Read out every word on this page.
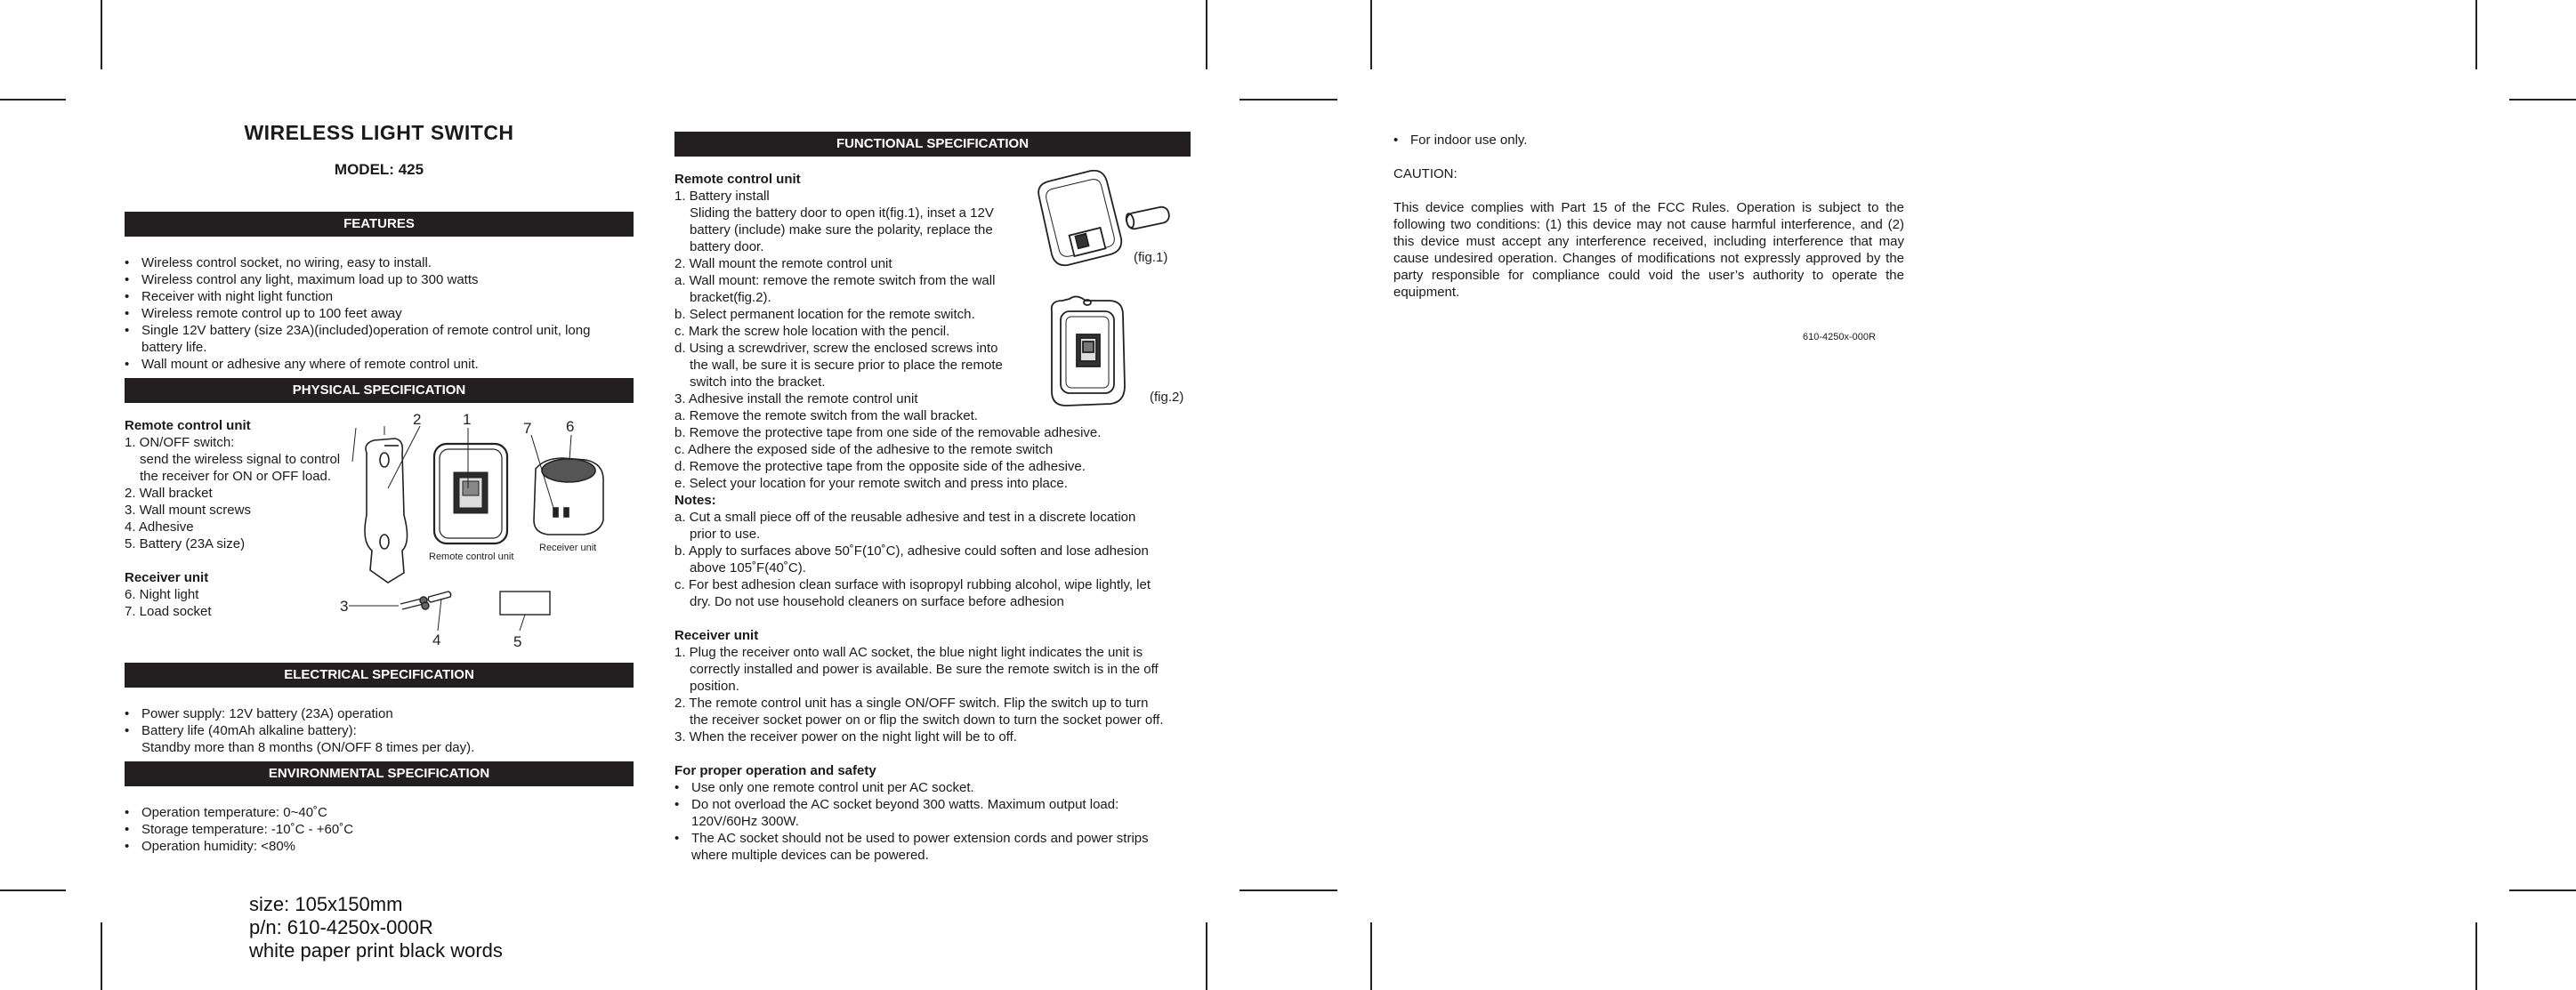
WIRELESS LIGHT SWITCH
MODEL: 425
FEATURES
• Wireless control socket, no wiring, easy to install.
• Wireless control any light, maximum load up to 300 watts
• Receiver with night light function
• Wireless remote control up to 100 feet away
• Single 12V battery (size 23A)(included)operation of remote control unit, long battery life.
• Wall mount or adhesive any where of remote control unit.
PHYSICAL SPECIFICATION
Remote control unit
1. ON/OFF switch:
send the wireless signal to control
the receiver for ON or OFF load.
2. Wall bracket
3. Wall mount screws
4. Adhesive
5. Battery (23A size)
Receiver unit
6. Night light
7. Load socket
2	1
7 6
Remote control unit
Receiver unit
3
4	5
ELECTRICAL SPECIFICATION
• Power supply: 12V battery (23A) operation
• Battery life (40mAh alkaline battery):
Standby more than 8 months (ON/OFF 8 times per day).
ENVIRONMENTAL SPECIFICATION
• Operation temperature: 0~40˚C
• Storage temperature: -10˚C - +60˚C
• Operation humidity: <80%
size: 105x150mm
p/n: 610-4250x-000R
white paper print black words
FUNCTIONAL SPECIFICATION
Remote control unit
1. Battery install
Sliding the battery door to open it(fig.1), inset a 12V
battery (include) make sure the polarity, replace the
battery door.
2. Wall mount the remote control unit
a. Wall mount: remove the remote switch from the wall
bracket(fig.2).
b. Select permanent location for the remote switch.
c. Mark the screw hole location with the pencil.
d. Using a screwdriver, screw the enclosed screws into
the wall, be sure it is secure prior to place the remote
switch into the bracket.
3. Adhesive install the remote control unit
a. Remove the remote switch from the wall bracket.
b. Remove the protective tape from one side of the removable adhesive.
c. Adhere the exposed side of the adhesive to the remote switch
d. Remove the protective tape from the opposite side of the adhesive.
e. Select your location for your remote switch and press into place.
(fig.1)
(fig.2)
Notes:
a. Cut a small piece off of the reusable adhesive and test in a discrete location
prior to use.
b. Apply to surfaces above 50˚F(10˚C), adhesive could soften and lose adhesion
above 105˚F(40˚C).
c. For best adhesion clean surface with isopropyl rubbing alcohol, wipe lightly, let
dry. Do not use household cleaners on surface before adhesion
Receiver unit
1. Plug the receiver onto wall AC socket, the blue night light indicates the unit is
correctly installed and power is available. Be sure the remote switch is in the off
position.
2. The remote control unit has a single ON/OFF switch. Flip the switch up to turn
the receiver socket power on or flip the switch down to turn the socket power off.
3. When the receiver power on the night light will be to off.
For proper operation and safety
• Use only one remote control unit per AC socket.
• Do not overload the AC socket beyond 300 watts. Maximum output load:
120V/60Hz 300W.
• The AC socket should not be used to power extension cords and power strips
where multiple devices can be powered.
• For indoor use only.
CAUTION:
This device complies with Part 15 of the FCC Rules. Operation is subject to the following two conditions: (1) this device may not cause harmful interference, and (2) this device must accept any interference received, including interference that may cause undesired operation. Changes of modifications not expressly approved by the party responsible for compliance could void the user’s authority to operate the equipment.
610-4250x-000R
